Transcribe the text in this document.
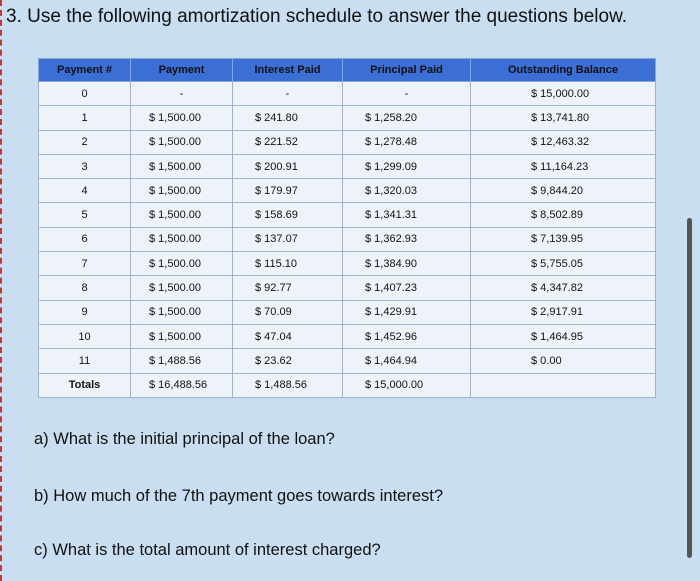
3. Use the following amortization schedule to answer the questions below.
Payment #	Payment	Interest Paid	Principal Paid	Outstanding Balance
0	-	-	-	$ 15,000.00
1	$ 1,500.00	$ 241.80	$ 1,258.20	$ 13,741.80
2	$ 1,500.00	$ 221.52	$ 1,278.48	$ 12,463.32
3	$ 1,500.00	$ 200.91	$ 1,299.09	$ 11,164.23
4	$ 1,500.00	$ 179.97	$ 1,320.03	$ 9,844.20
5	$ 1,500.00	$ 158.69	$ 1,341.31	$ 8,502.89
6	$ 1,500.00	$ 137.07	$ 1,362.93	$ 7,139.95
7	$ 1,500.00	$ 115.10	$ 1,384.90	$ 5,755.05
8	$ 1,500.00	$ 92.77	$ 1,407.23	$ 4,347.82
9	$ 1,500.00	$ 70.09	$ 1,429.91	$ 2,917.91
10	$ 1,500.00	$ 47.04	$ 1,452.96	$ 1,464.95
11	$ 1,488.56	$ 23.62	$ 1,464.94	$ 0.00
Totals	$ 16,488.56	$ 1,488.56	$ 15,000.00	
a) What is the initial principal of the loan?
b) How much of the 7th payment goes towards interest?
c) What is the total amount of interest charged?
